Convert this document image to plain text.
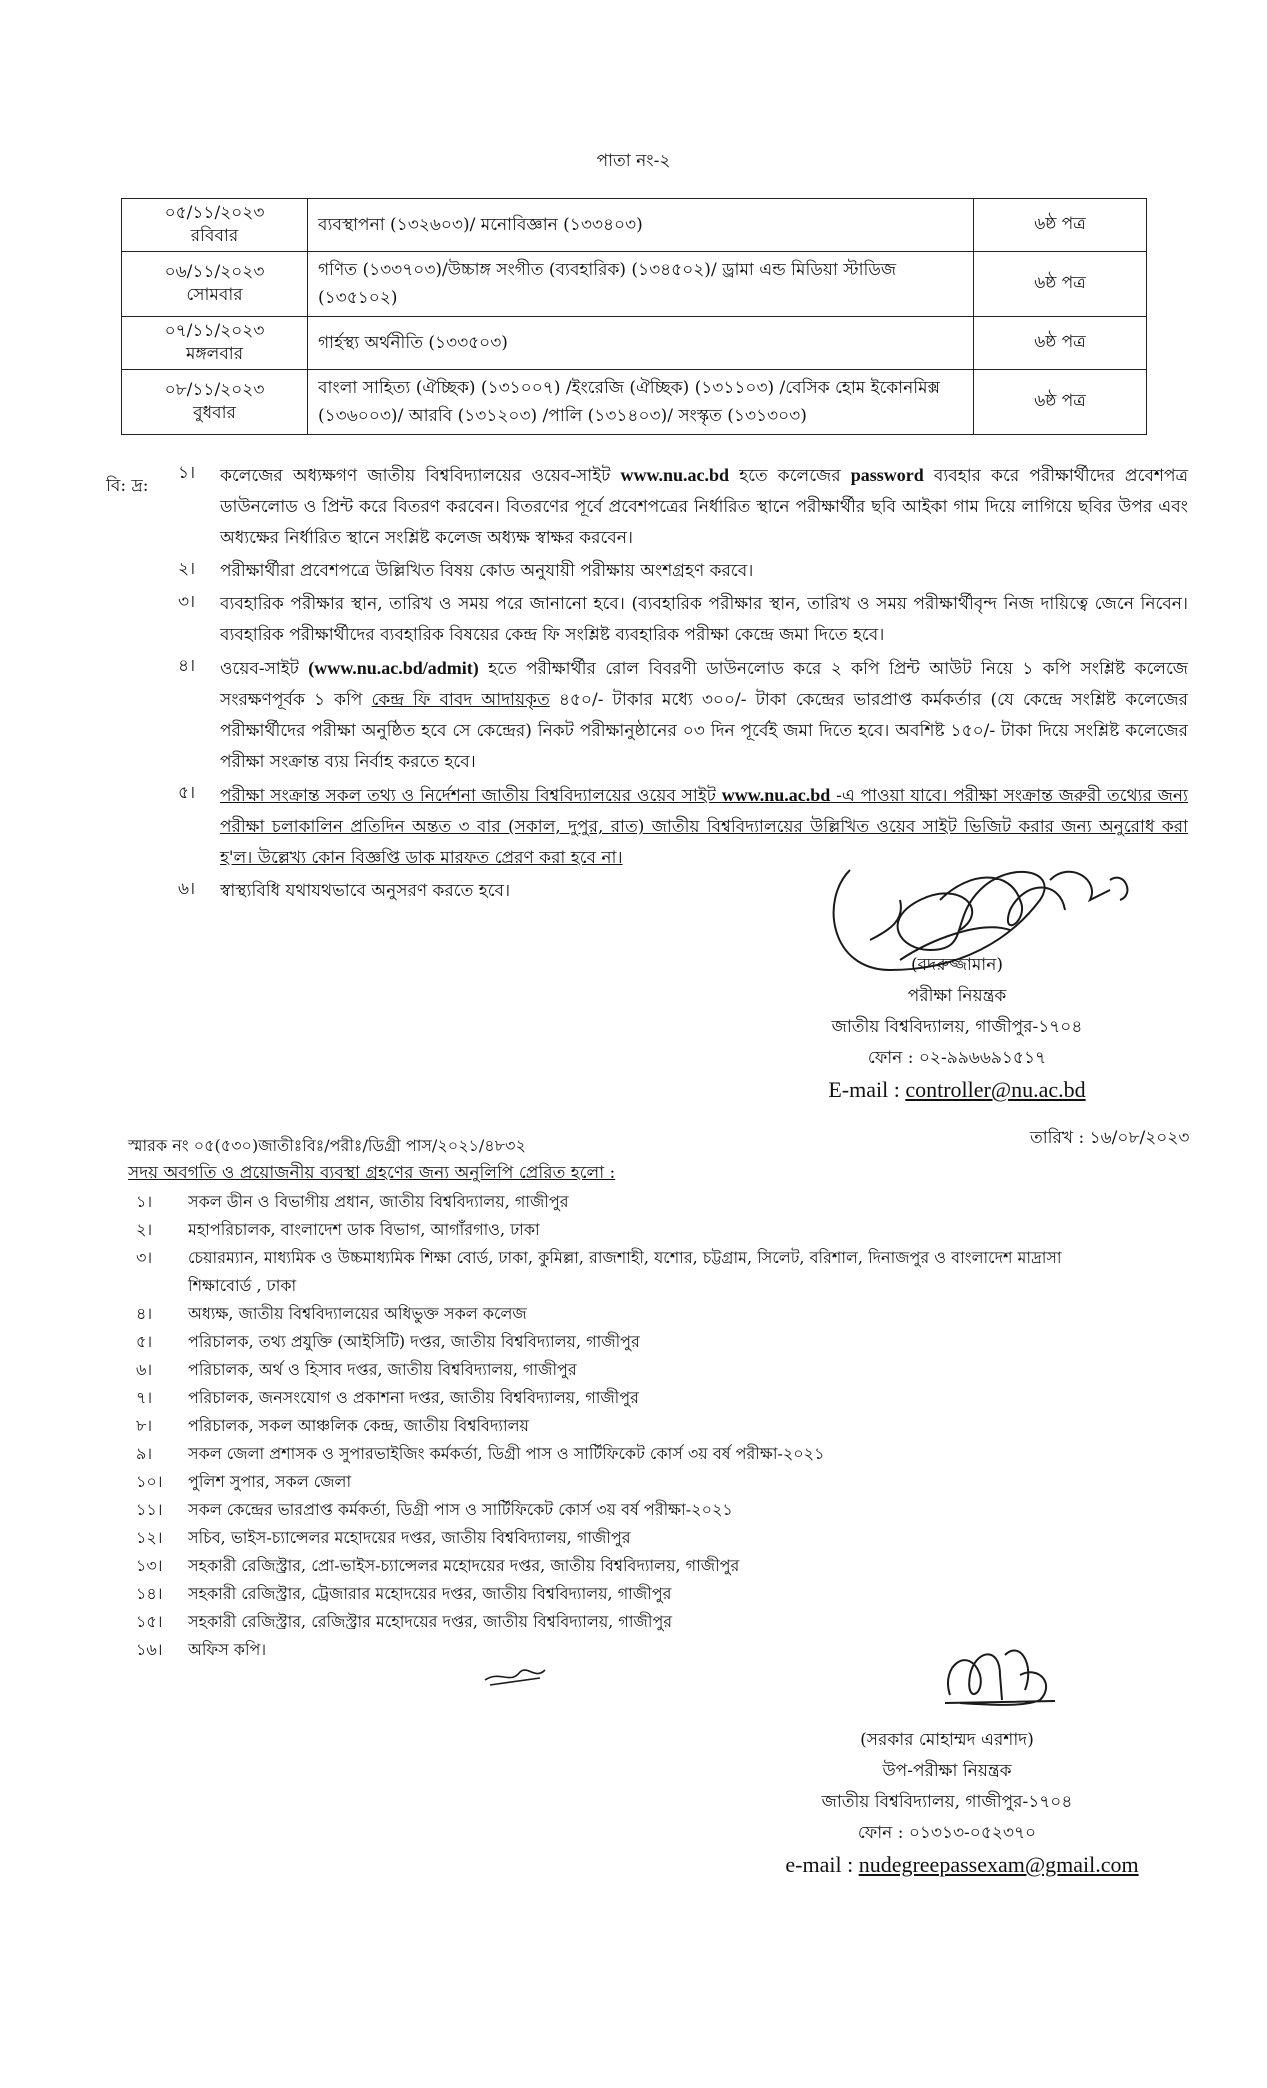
পাতা নং-২
০৫/১১/২০২৩
রবিবার	ব্যবস্থাপনা (১৩২৬০৩)/ মনোবিজ্ঞান (১৩৩৪০৩)	৬ষ্ঠ পত্র
০৬/১১/২০২৩
সোমবার	গণিত (১৩৩৭০৩)/উচ্চাঙ্গ সংগীত (ব্যবহারিক) (১৩৪৫০২)/ ড্রামা এন্ড মিডিয়া স্টাডিজ (১৩৫১০২)	৬ষ্ঠ পত্র
০৭/১১/২০২৩
মঙ্গলবার	গার্হস্থ্য অর্থনীতি (১৩৩৫০৩)	৬ষ্ঠ পত্র
০৮/১১/২০২৩
বুধবার	বাংলা সাহিত্য (ঐচ্ছিক) (১৩১০০৭) /ইংরেজি (ঐচ্ছিক) (১৩১১০৩) /বেসিক হোম ইকোনমিক্স (১৩৬০০৩)/ আরবি (১৩১২০৩) /পালি (১৩১৪০৩)/ সংস্কৃত (১৩১৩০৩)	৬ষ্ঠ পত্র
বি: দ্র:
১।	কলেজের অধ্যক্ষগণ জাতীয় বিশ্ববিদ্যালয়ের ওয়েব-সাইট www.nu.ac.bd হতে কলেজের password ব্যবহার করে পরীক্ষার্থীদের প্রবেশপত্র ডাউনলোড ও প্রিন্ট করে বিতরণ করবেন। বিতরণের পূর্বে প্রবেশপত্রের নির্ধারিত স্থানে পরীক্ষার্থীর ছবি আইকা গাম দিয়ে লাগিয়ে ছবির উপর এবং অধ্যক্ষের নির্ধারিত স্থানে সংশ্লিষ্ট কলেজ অধ্যক্ষ স্বাক্ষর করবেন।
২।	পরীক্ষার্থীরা প্রবেশপত্রে উল্লিখিত বিষয় কোড অনুযায়ী পরীক্ষায় অংশগ্রহণ করবে।
৩।	ব্যবহারিক পরীক্ষার স্থান, তারিখ ও সময় পরে জানানো হবে। (ব্যবহারিক পরীক্ষার স্থান, তারিখ ও সময় পরীক্ষার্থীবৃন্দ নিজ দায়িত্বে জেনে নিবেন। ব্যবহারিক পরীক্ষার্থীদের ব্যবহারিক বিষয়ের কেন্দ্র ফি সংশ্লিষ্ট ব্যবহারিক পরীক্ষা কেন্দ্রে জমা দিতে হবে।
৪।	ওয়েব-সাইট (www.nu.ac.bd/admit) হতে পরীক্ষার্থীর রোল বিবরণী ডাউনলোড করে ২ কপি প্রিন্ট আউট নিয়ে ১ কপি সংশ্লিষ্ট কলেজে সংরক্ষণপূর্বক ১ কপি কেন্দ্র ফি বাবদ আদায়কৃত ৪৫০/- টাকার মধ্যে ৩০০/- টাকা কেন্দ্রের ভারপ্রাপ্ত কর্মকর্তার (যে কেন্দ্রে সংশ্লিষ্ট কলেজের পরীক্ষার্থীদের পরীক্ষা অনুষ্ঠিত হবে সে কেন্দ্রের) নিকট পরীক্ষানুষ্ঠানের ০৩ দিন পূর্বেই জমা দিতে হবে। অবশিষ্ট ১৫০/- টাকা দিয়ে সংশ্লিষ্ট কলেজের পরীক্ষা সংক্রান্ত ব্যয় নির্বাহ করতে হবে।
৫।	পরীক্ষা সংক্রান্ত সকল তথ্য ও নির্দেশনা জাতীয় বিশ্ববিদ্যালয়ের ওয়েব সাইট www.nu.ac.bd -এ পাওয়া যাবে। পরীক্ষা সংক্রান্ত জরুরী তথ্যের জন্য পরীক্ষা চলাকালিন প্রতিদিন অন্তত ৩ বার (সকাল, দুপুর, রাত) জাতীয় বিশ্ববিদ্যালয়ের উল্লিখিত ওয়েব সাইট ভিজিট করার জন্য অনুরোধ করা হ'ল। উল্লেখ্য কোন বিজ্ঞপ্তি ডাক মারফত প্রেরণ করা হবে না।
৬।	স্বাস্থ্যবিধি যথাযথভাবে অনুসরণ করতে হবে।
(বদরুজ্জামান)
পরীক্ষা নিয়ন্ত্রক
জাতীয় বিশ্ববিদ্যালয়, গাজীপুর-১৭০৪
ফোন : ০২-৯৯৬৬৯১৫১৭
E-mail : controller@nu.ac.bd
স্মারক নং ০৫(৫৩০)জাতীঃবিঃ/পরীঃ/ডিগ্রী পাস/২০২১/৪৮৩২	তারিখ : ১৬/০৮/২০২৩
সদয় অবগতি ও প্রয়োজনীয় ব্যবস্থা গ্রহণের জন্য অনুলিপি প্রেরিত হলো :
১।	সকল ডীন ও বিভাগীয় প্রধান, জাতীয় বিশ্ববিদ্যালয়, গাজীপুর
২।	মহাপরিচালক, বাংলাদেশ ডাক বিভাগ, আগাঁরগাও, ঢাকা
৩।	চেয়ারম্যান, মাধ্যমিক ও উচ্চমাধ্যমিক শিক্ষা বোর্ড, ঢাকা, কুমিল্লা, রাজশাহী, যশোর, চট্টগ্রাম, সিলেট, বরিশাল, দিনাজপুর ও বাংলাদেশ মাদ্রাসা শিক্ষাবোর্ড , ঢাকা
৪।	অধ্যক্ষ, জাতীয় বিশ্ববিদ্যালয়ের অধিভুক্ত সকল কলেজ
৫।	পরিচালক, তথ্য প্রযুক্তি (আইসিটি) দপ্তর, জাতীয় বিশ্ববিদ্যালয়, গাজীপুর
৬।	পরিচালক, অর্থ ও হিসাব দপ্তর, জাতীয় বিশ্ববিদ্যালয়, গাজীপুর
৭।	পরিচালক, জনসংযোগ ও প্রকাশনা দপ্তর, জাতীয় বিশ্ববিদ্যালয়, গাজীপুর
৮।	পরিচালক, সকল আঞ্চলিক কেন্দ্র, জাতীয় বিশ্ববিদ্যালয়
৯।	সকল জেলা প্রশাসক ও সুপারভাইজিং কর্মকর্তা, ডিগ্রী পাস ও সার্টিফিকেট কোর্স ৩য় বর্ষ পরীক্ষা-২০২১
১০।	পুলিশ সুপার, সকল জেলা
১১।	সকল কেন্দ্রের ভারপ্রাপ্ত কর্মকর্তা, ডিগ্রী পাস ও সার্টিফিকেট কোর্স ৩য় বর্ষ পরীক্ষা-২০২১
১২।	সচিব, ভাইস-চ্যান্সেলর মহোদয়ের দপ্তর, জাতীয় বিশ্ববিদ্যালয়, গাজীপুর
১৩।	সহকারী রেজিস্ট্রার, প্রো-ভাইস-চ্যান্সেলর মহোদয়ের দপ্তর, জাতীয় বিশ্ববিদ্যালয়, গাজীপুর
১৪।	সহকারী রেজিস্ট্রার, ট্রেজারার মহোদয়ের দপ্তর, জাতীয় বিশ্ববিদ্যালয়, গাজীপুর
১৫।	সহকারী রেজিস্ট্রার, রেজিস্ট্রার মহোদয়ের দপ্তর, জাতীয় বিশ্ববিদ্যালয়, গাজীপুর
১৬।	অফিস কপি।
(সরকার মোহাম্মদ এরশাদ)
উপ-পরীক্ষা নিয়ন্ত্রক
জাতীয় বিশ্ববিদ্যালয়, গাজীপুর-১৭০৪
ফোন : ০১৩১৩-০৫২৩৭০
e-mail : nudegreepassexam@gmail.com
